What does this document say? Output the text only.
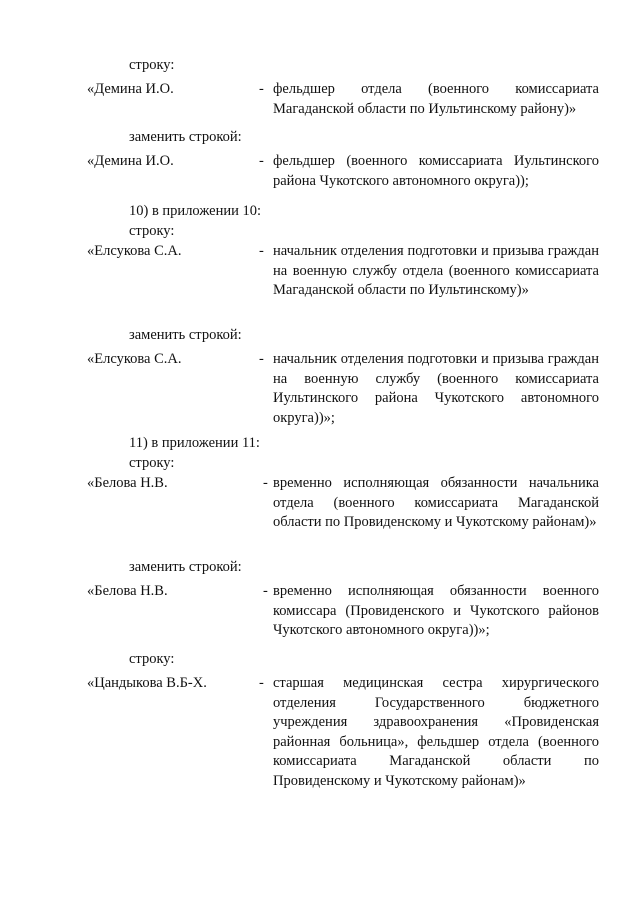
строку:
«Демина И.О.	- фельдшер отдела (военного комиссариата Магаданской области по Иультинскому району)»
заменить строкой:
«Демина И.О.	- фельдшер (военного комиссариата Иультинского района Чукотского автономного округа));
10) в приложении 10:
строку:
«Елсукова С.А.	- начальник отделения подготовки и призыва граждан на военную службу отдела (военного комиссариата Магаданской области по Иультинскому)»
заменить строкой:
«Елсукова С.А.	- начальник отделения подготовки и призыва граждан на военную службу (военного комиссариата Иультинского района Чукотского автономного округа))»;
11) в приложении 11:
строку:
«Белова Н.В.	- временно исполняющая обязанности начальника отдела (военного комиссариата Магаданской области по Провиденскому и Чукотскому районам)»
заменить строкой:
«Белова Н.В.	- временно исполняющая обязанности военного комиссара (Провиденского и Чукотского районов Чукотского автономного округа))»;
строку:
«Цандыкова В.Б-Х.	- старшая медицинская сестра хирургического отделения Государственного бюджетного учреждения здравоохранения «Провиденская районная больница», фельдшер отдела (военного комиссариата Магаданской области по Провиденскому и Чукотскому районам)»
